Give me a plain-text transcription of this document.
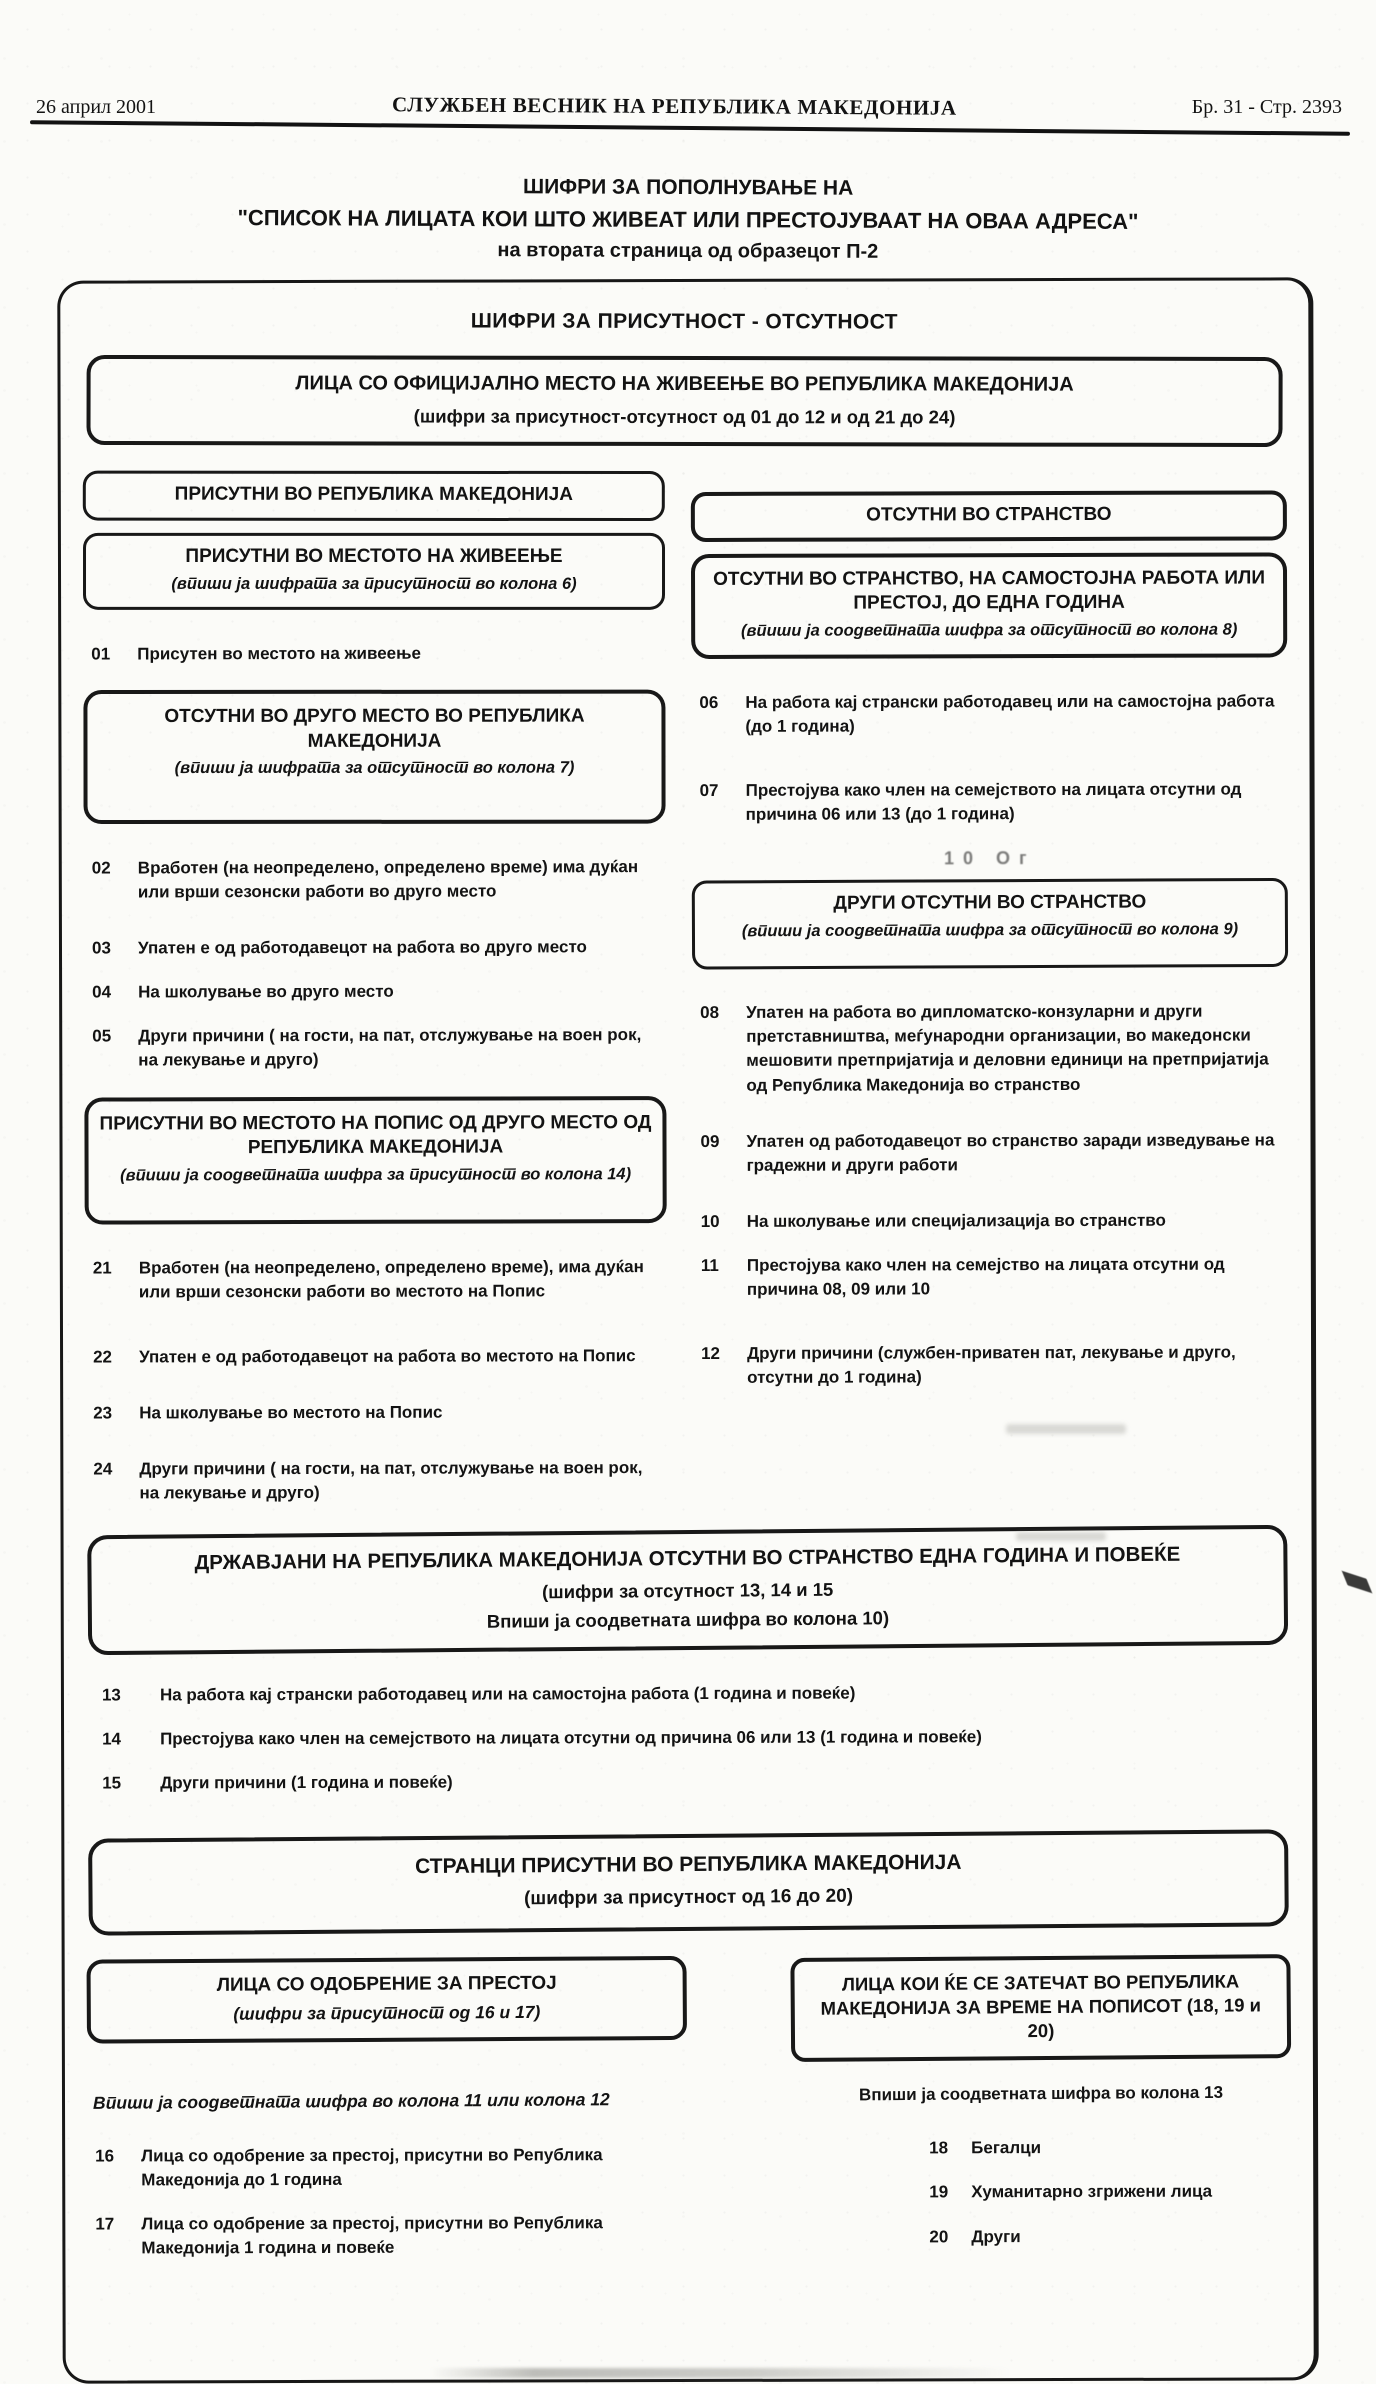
26 април 2001	СЛУЖБЕН ВЕСНИК НА РЕПУБЛИКА МАКЕДОНИЈА	Бр. 31 - Стр. 2393
ШИФРИ ЗА ПОПОЛНУВАЊЕ НА
"СПИСОК НА ЛИЦАТА КОИ ШТО ЖИВЕАТ ИЛИ ПРЕСТОЈУВААТ НА ОВАА АДРЕСА"
на втората страница од образецот П-2
ШИФРИ ЗА ПРИСУТНОСТ - ОТСУТНОСТ
ЛИЦА СО ОФИЦИЈАЛНО МЕСТО НА ЖИВЕЕЊЕ ВО РЕПУБЛИКА МАКЕДОНИЈА
(шифри за присутност-отсутност од 01 до 12 и од 21 до 24)
ПРИСУТНИ ВО РЕПУБЛИКА МАКЕДОНИЈА
ПРИСУТНИ ВО МЕСТОТО НА ЖИВЕЕЊЕ
(впиши ја шифрата за присутност во колона 6)
01	Присутен во местото на живеење
ОТСУТНИ ВО ДРУГО МЕСТО ВО РЕПУБЛИКА МАКЕДОНИЈА
(впиши ја шифрата за отсутност во колона 7)
02	Вработен (на неопределено, определено време) има дуќан или врши сезонски работи во друго место
03	Упатен е од работодавецот на работа во друго место
04	На школување во друго место
05	Други причини ( на гости, на пат, отслужување на воен рок, на лекување и друго)
ПРИСУТНИ ВО МЕСТОТО НА ПОПИС ОД ДРУГО МЕСТО ОД РЕПУБЛИКА МАКЕДОНИЈА
(впиши ја соодветната шифра за присутност во колона 14)
21	Вработен (на неопределено, определено време), има дуќан или врши сезонски работи во местото на Попис
22	Упатен е од работодавецот на работа во местото на Попис
23	На школување во местото на Попис
24	Други причини ( на гости, на пат, отслужување на воен рок, на лекување и друго)
ОТСУТНИ ВО СТРАНСТВО
ОТСУТНИ ВО СТРАНСТВО, НА САМОСТОЈНА РАБОТА ИЛИ ПРЕСТОЈ, ДО ЕДНА ГОДИНА
(впиши ја соодветната шифра за отсутност во колона 8)
06	На работа кај странски работодавец или на самостојна работа (до 1 година)
07	Престојува како член на семејството на лицата отсутни од причина 06 или 13 (до 1 година)
10 Ог
ДРУГИ ОТСУТНИ ВО СТРАНСТВО
(впиши ја соодветната шифра за отсутност во колона 9)
08	Упатен на работа во дипломатско-конзуларни и други претставништва, меѓународни организации, во македонски мешовити претпријатија и деловни единици на претпријатија од Република Македонија во странство
09	Упатен од работодавецот во странство заради изведување на градежни и други работи
10	На школување или специјализација во странство
11	Престојува како член на семејство на лицата отсутни од причина 08, 09 или 10
12	Други причини (службен-приватен пат, лекување и друго, отсутни до 1 година)
ДРЖАВЈАНИ НА РЕПУБЛИКА МАКЕДОНИЈА ОТСУТНИ ВО СТРАНСТВО ЕДНА ГОДИНА И ПОВЕЌЕ
(шифри за отсутност 13, 14 и 15
Впиши ја соодветната шифра во колона 10)
13	На работа кај странски работодавец или на самостојна работа (1 година и повеќе)
14	Престојува како член на семејството на лицата отсутни од причина 06 или 13 (1 година и повеќе)
15	Други причини (1 година и повеќе)
СТРАНЦИ ПРИСУТНИ ВО РЕПУБЛИКА МАКЕДОНИЈА
(шифри за присутност од 16 до 20)
ЛИЦА СО ОДОБРЕНИЕ ЗА ПРЕСТОЈ
(шифри за присутност од 16 и 17)
Впиши ја соодветната шифра во колона 11 или колона 12
16	Лица со одобрение за престој, присутни во Република Македонија до 1 година
17	Лица со одобрение за престој, присутни во Република Македонија 1 година и повеќе
ЛИЦА КОИ ЌЕ СЕ ЗАТЕЧАТ ВО РЕПУБЛИКА МАКЕДОНИЈА ЗА ВРЕМЕ НА ПОПИСОТ (18, 19 и 20)
Впиши ја соодветната шифра во колона 13
18	Бегалци
19	Хуманитарно згрижени лица
20	Други
